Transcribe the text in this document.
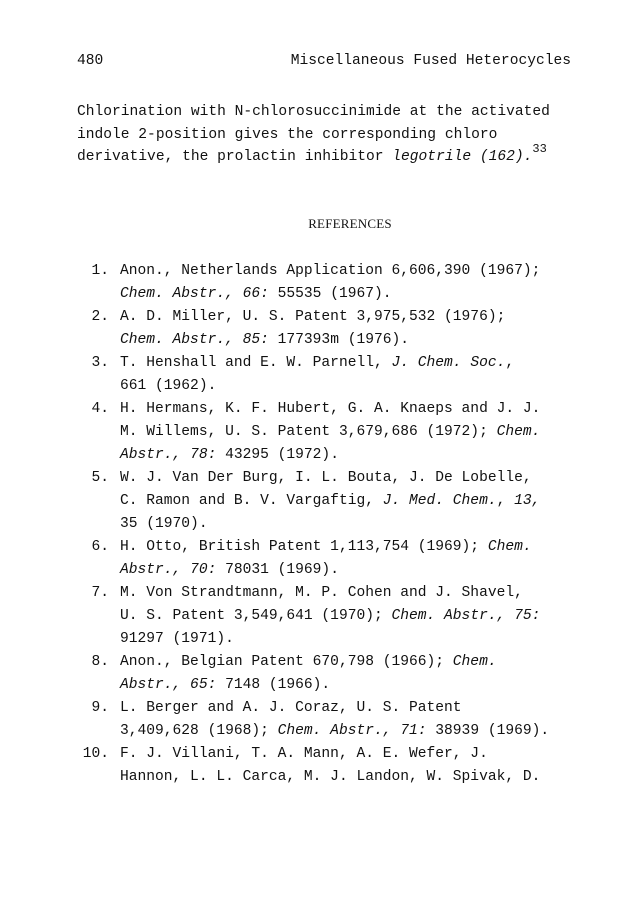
480	Miscellaneous Fused Heterocycles
Chlorination with N-chlorosuccinimide at the activated
indole 2-position gives the corresponding chloro
derivative, the prolactin inhibitor legotrile (162).$^{33}$
REFERENCES
1. Anon., Netherlands Application 6,606,390 (1967);
Chem. Abstr., 66: 55535 (1967).
2. A. D. Miller, U. S. Patent 3,975,532 (1976);
Chem. Abstr., 85: 177393m (1976).
3. T. Henshall and E. W. Parnell, J. Chem. Soc.,
661 (1962).
4. H. Hermans, K. F. Hubert, G. A. Knaeps and J. J.
M. Willems, U. S. Patent 3,679,686 (1972); Chem.
Abstr., 78: 43295 (1972).
5. W. J. Van Der Burg, I. L. Bouta, J. De Lobelle,
C. Ramon and B. V. Vargaftig, J. Med. Chem., 13,
35 (1970).
6. H. Otto, British Patent 1,113,754 (1969); Chem.
Abstr., 70: 78031 (1969).
7. M. Von Strandtmann, M. P. Cohen and J. Shavel,
U. S. Patent 3,549,641 (1970); Chem. Abstr., 75:
91297 (1971).
8. Anon., Belgian Patent 670,798 (1966); Chem.
Abstr., 65: 7148 (1966).
9. L. Berger and A. J. Coraz, U. S. Patent
3,409,628 (1968); Chem. Abstr., 71: 38939 (1969).
10. F. J. Villani, T. A. Mann, A. E. Wefer, J.
Hannon, L. L. Carca, M. J. Landon, W. Spivak, D.
